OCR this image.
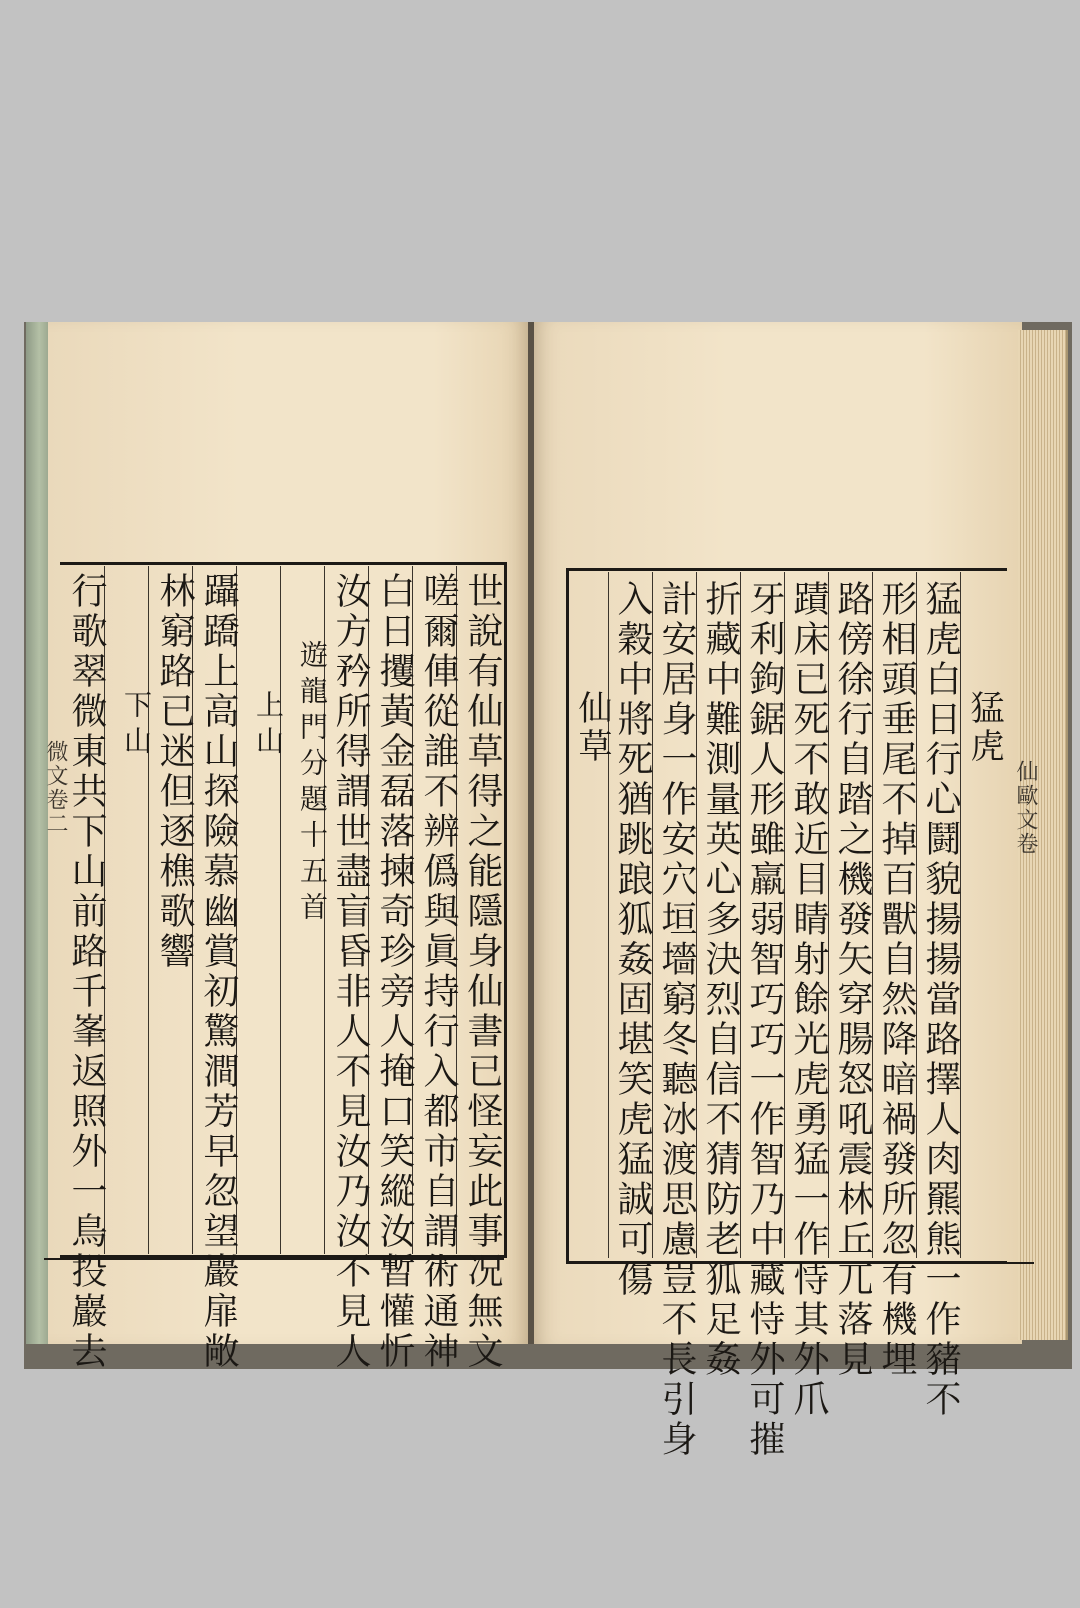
世說有仙草得之能隱身仙書已怪妄此事况無文
嗟爾俥從誰不辨僞與眞持行入都市自謂術通神
白日攫黃金磊落揀奇珍旁人掩口笑縱汝暫懽忻
汝方矜所得謂世盡盲昏非人不見汝乃汝不見人
遊龍門分題十五首
上山
躡蹻上高山探險慕幽賞初驚澗芳早忽望巖扉敞
林窮路已迷但逐樵歌響
下山
行歌翠微東共下山前路千峯返照外一鳥投巖去
微文卷二
猛虎
猛虎白日行心鬪貌揚揚當路擇人肉羆熊一作豬不
形相頭垂尾不掉百獸自然降暗禍發所忽有機埋
路傍徐行自踏之機發矢穿腸怒吼震林丘兀落見
蹟床已死不敢近目睛射餘光虎勇猛一作恃其外爪
牙利鉤鋸人形雖羸弱智巧巧一作智乃中藏恃外可摧
折藏中難測量英心多決烈自信不猜防老狐足姦
計安居身一作安穴垣墻窮冬聽冰渡思慮豈不長引身
入穀中將死猶跳踉狐姦固堪笑虎猛誠可傷
仙草
仙歐文卷
